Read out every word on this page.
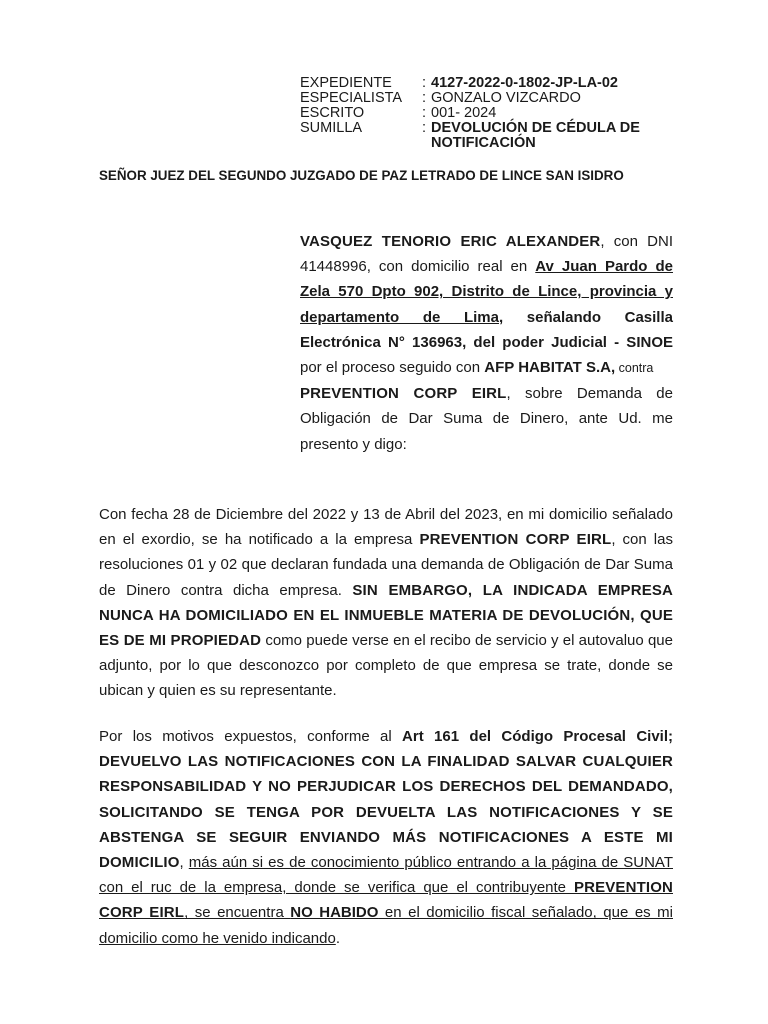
EXPEDIENTE	: 4127-2022-0-1802-JP-LA-02
ESPECIALISTA	: GONZALO VIZCARDO
ESCRITO	: 001- 2024
SUMILLA	: DEVOLUCIÓN DE CÉDULA DE
NOTIFICACIÓN
SEÑOR JUEZ DEL SEGUNDO JUZGADO DE PAZ LETRADO DE LINCE SAN ISIDRO
VASQUEZ TENORIO ERIC ALEXANDER, con DNI 41448996, con domicilio real en Av Juan Pardo de Zela 570 Dpto 902, Distrito de Lince, provincia y departamento de Lima, señalando Casilla Electrónica N° 136963, del poder Judicial - SINOE por el proceso seguido con AFP HABITAT S.A, contra
PREVENTION CORP EIRL, sobre Demanda de Obligación de Dar Suma de Dinero, ante Ud. me presento y digo:
Con fecha 28 de Diciembre del 2022 y 13 de Abril del 2023, en mi domicilio señalado en el exordio, se ha notificado a la empresa PREVENTION CORP EIRL, con las resoluciones 01 y 02 que declaran fundada una demanda de Obligación de Dar Suma de Dinero contra dicha empresa. SIN EMBARGO, LA INDICADA EMPRESA NUNCA HA DOMICILIADO EN EL INMUEBLE MATERIA DE DEVOLUCIÓN, QUE ES DE MI PROPIEDAD como puede verse en el recibo de servicio y el autovaluo que adjunto, por lo que desconozco por completo de que empresa se trate, donde se ubican y quien es su representante.
Por los motivos expuestos, conforme al Art 161 del Código Procesal Civil; DEVUELVO LAS NOTIFICACIONES CON LA FINALIDAD SALVAR CUALQUIER RESPONSABILIDAD Y NO PERJUDICAR LOS DERECHOS DEL DEMANDADO, SOLICITANDO SE TENGA POR DEVUELTA LAS NOTIFICACIONES Y SE ABSTENGA SE SEGUIR ENVIANDO MÁS NOTIFICACIONES A ESTE MI DOMICILIO, más aún si es de conocimiento público entrando a la página de SUNAT con el ruc de la empresa, donde se verifica que el contribuyente PREVENTION CORP EIRL, se encuentra NO HABIDO en el domicilio fiscal señalado, que es mi domicilio como he venido indicando.
